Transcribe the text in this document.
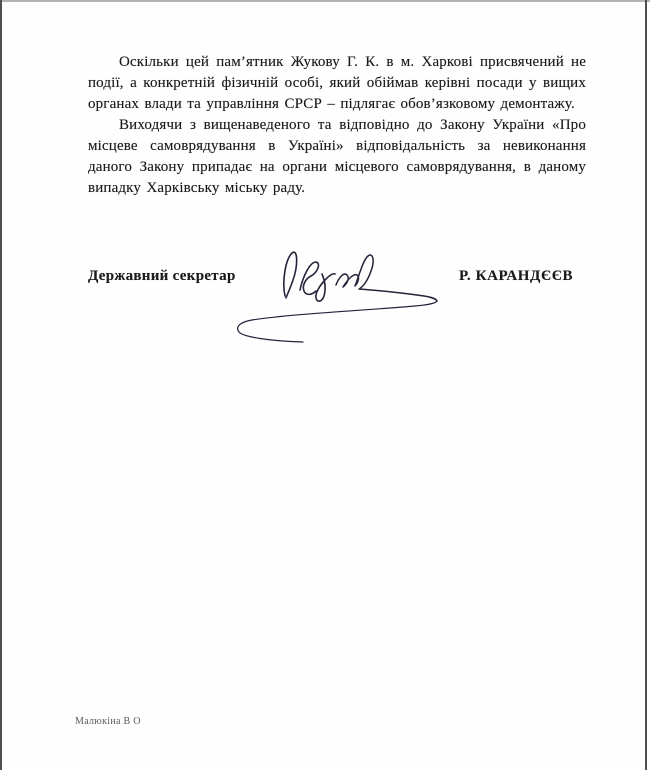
Оскільки цей пам’ятник Жукову Г. К. в м. Харкові присвячений не події, а конкретній фізичній особі, який обіймав керівні посади у вищих органах влади та управління СРСР – підлягає обов’язковому демонтажу.

Виходячи з вищенаведеного та відповідно до Закону України «Про місцеве самоврядування в Україні» відповідальність за невиконання даного Закону припадає на органи місцевого самоврядування, в даному випадку Харківську міську раду.

Державний секретар	Р. КАРАНДЄЄВ
Малюкіна В О
